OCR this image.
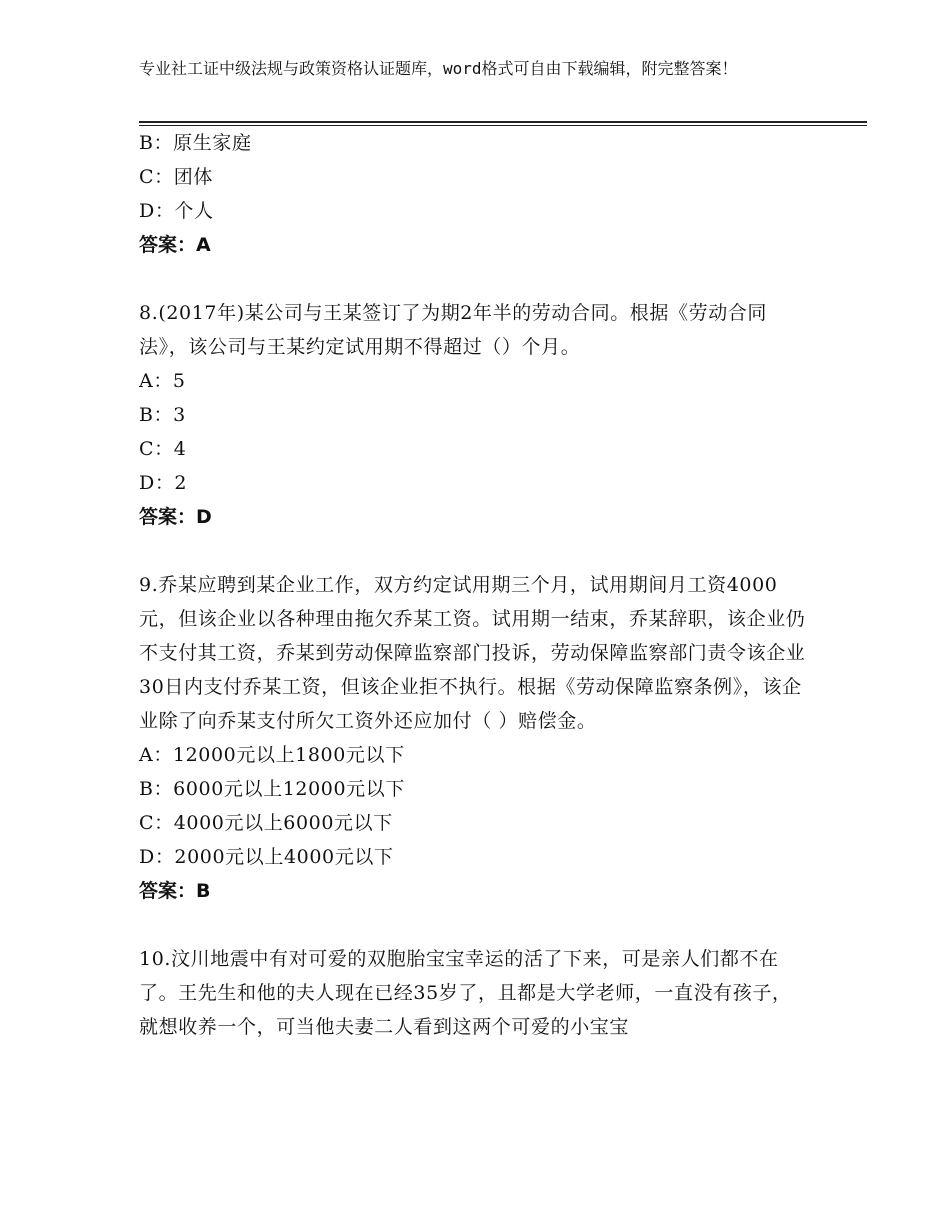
专业社工证中级法规与政策资格认证题库，word格式可自由下载编辑，附完整答案！
B：原生家庭
C：团体
D：个人
答案：A
8.(2017年)某公司与王某签订了为期2年半的劳动合同。根据《劳动合同法》，该公司与王某约定试用期不得超过（）个月。
A：5
B：3
C：4
D：2
答案：D
9.乔某应聘到某企业工作，双方约定试用期三个月，试用期间月工资4000元，但该企业以各种理由拖欠乔某工资。试用期一结束，乔某辞职，该企业仍不支付其工资，乔某到劳动保障监察部门投诉，劳动保障监察部门责令该企业30日内支付乔某工资，但该企业拒不执行。根据《劳动保障监察条例》，该企业除了向乔某支付所欠工资外还应加付（ ）赔偿金。
A：12000元以上1800元以下
B：6000元以上12000元以下
C：4000元以上6000元以下
D：2000元以上4000元以下
答案：B
10.汶川地震中有对可爱的双胞胎宝宝幸运的活了下来，可是亲人们都不在了。王先生和他的夫人现在已经35岁了，且都是大学老师，一直没有孩子，就想收养一个，可当他夫妻二人看到这两个可爱的小宝宝
